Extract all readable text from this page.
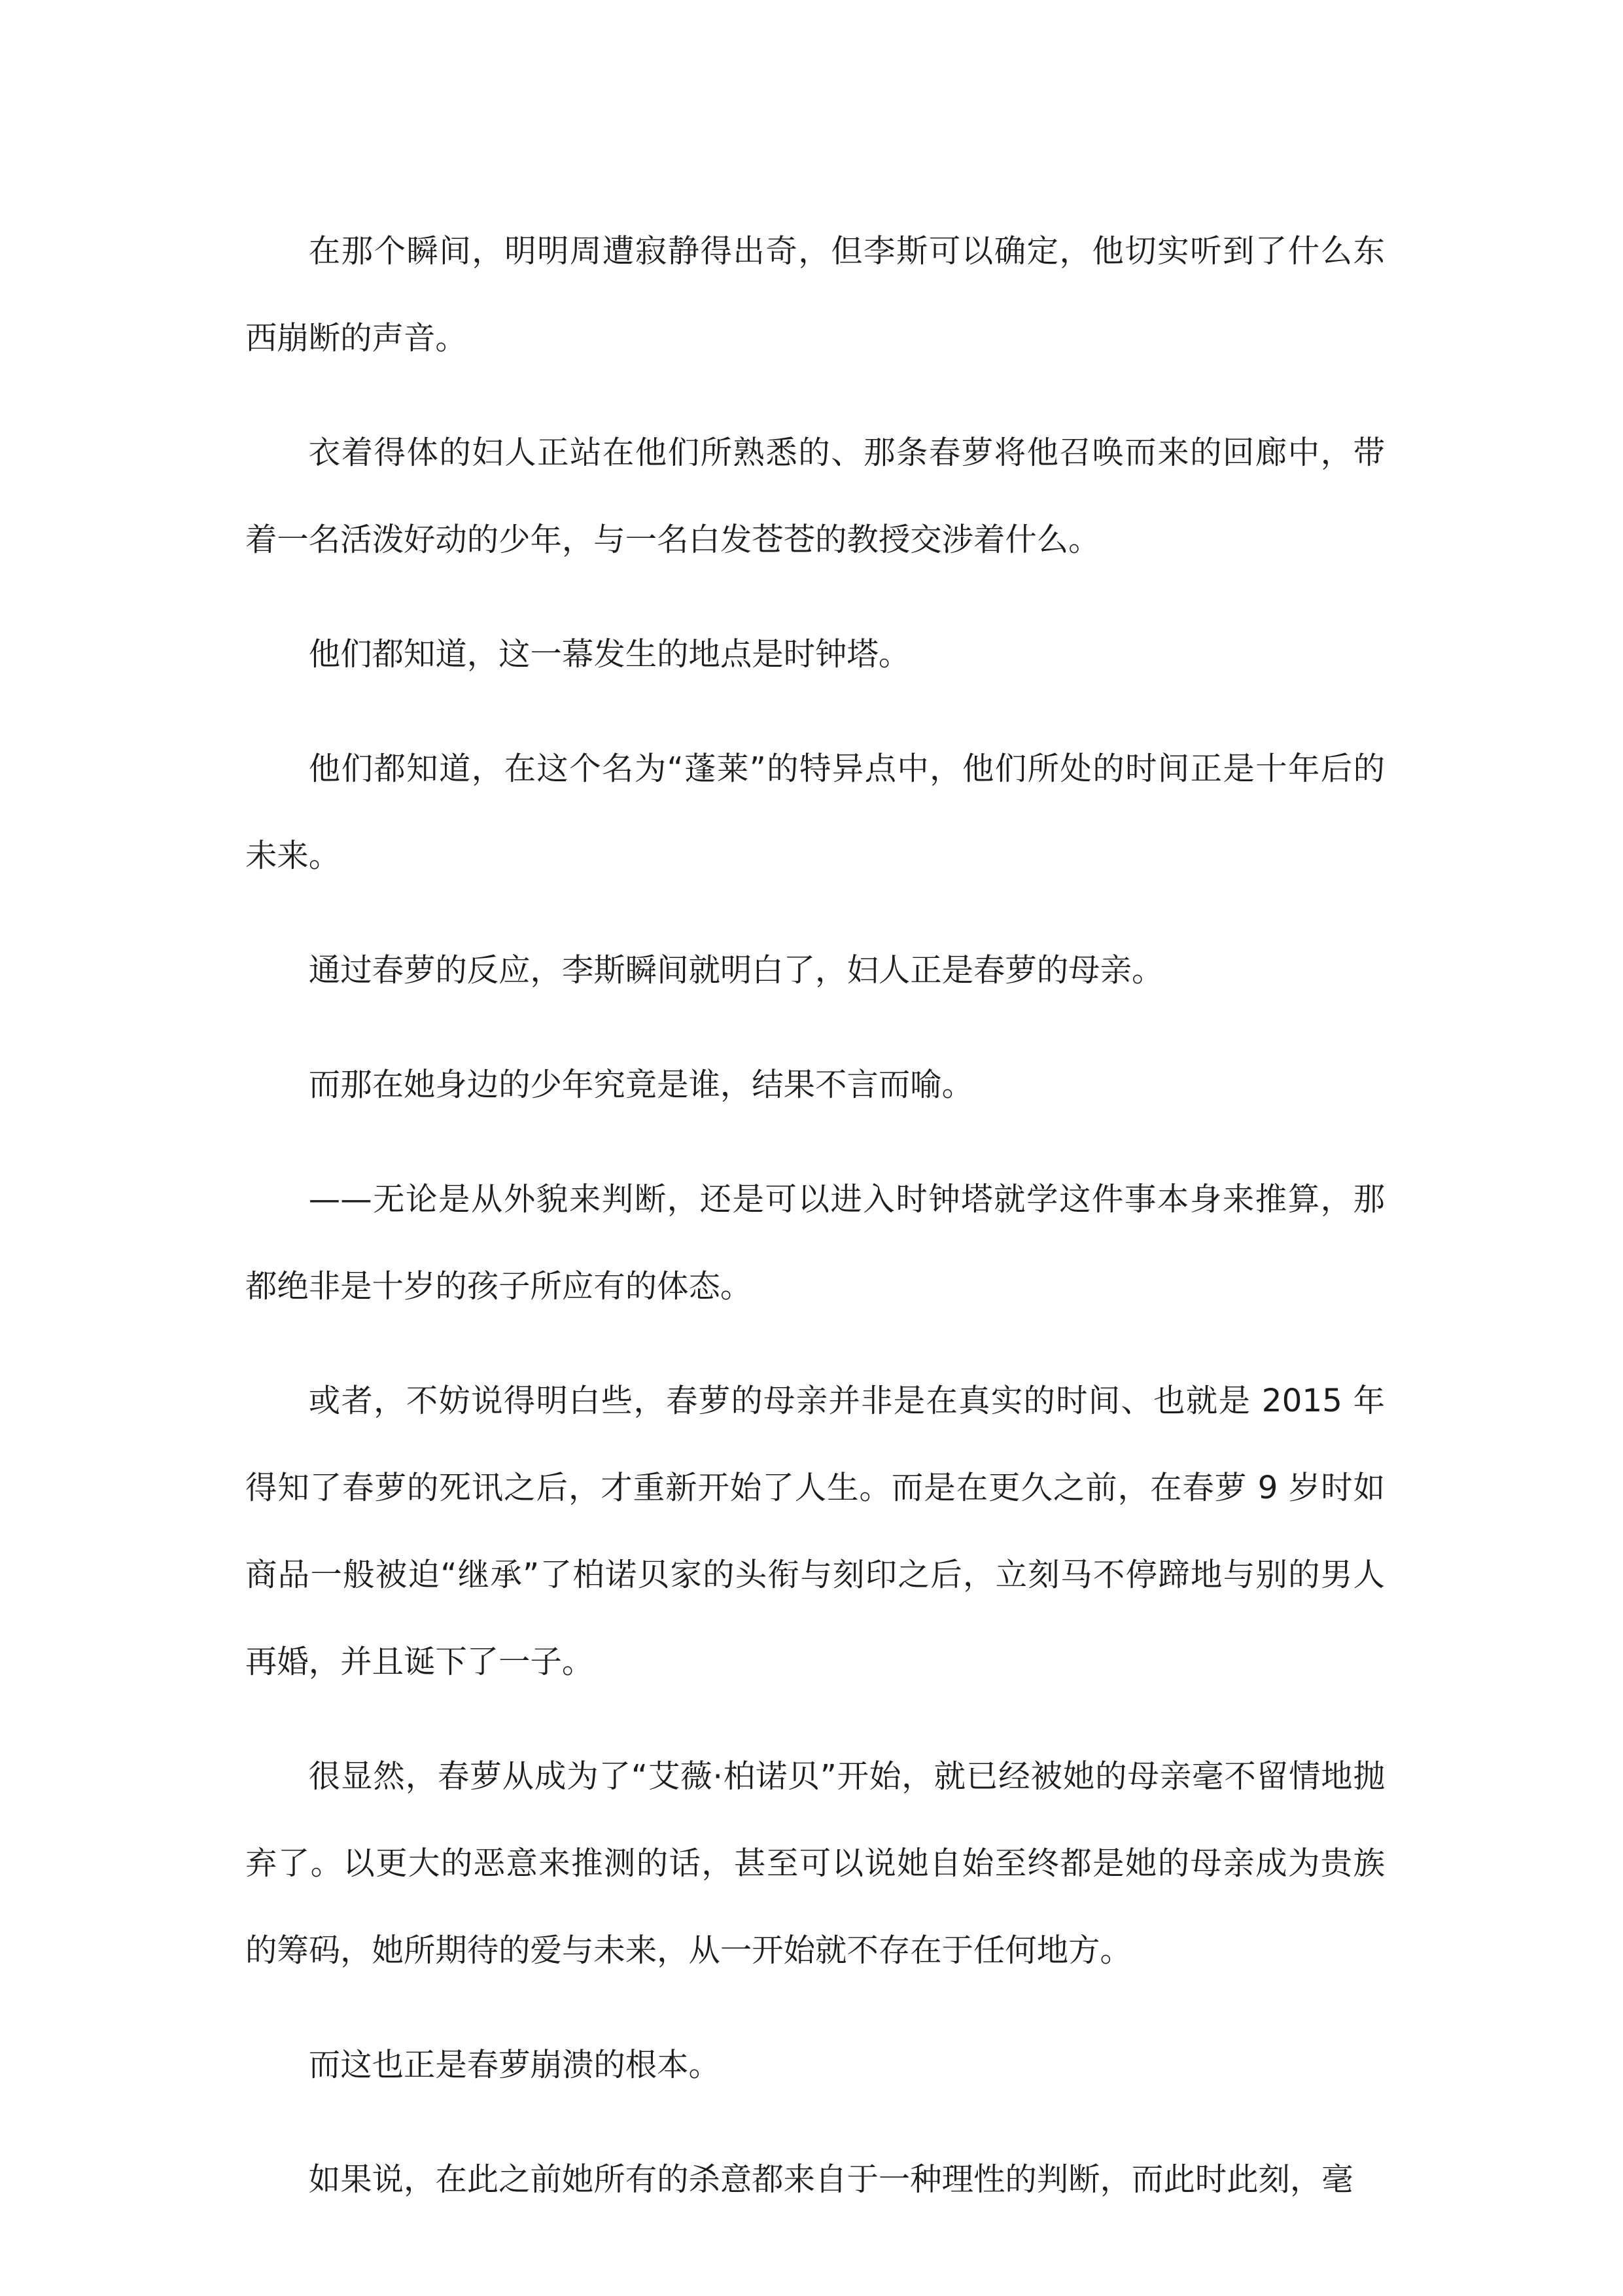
在那个瞬间，明明周遭寂静得出奇，但李斯可以确定，他切实听到了什么东西崩断的声音。

衣着得体的妇人正站在他们所熟悉的、那条春萝将他召唤而来的回廊中，带着一名活泼好动的少年，与一名白发苍苍的教授交涉着什么。

他们都知道，这一幕发生的地点是时钟塔。

他们都知道，在这个名为“蓬莱”的特异点中，他们所处的时间正是十年后的未来。

通过春萝的反应，李斯瞬间就明白了，妇人正是春萝的母亲。

而那在她身边的少年究竟是谁，结果不言而喻。

——无论是从外貌来判断，还是可以进入时钟塔就学这件事本身来推算，那都绝非是十岁的孩子所应有的体态。

或者，不妨说得明白些，春萝的母亲并非是在真实的时间、也就是 2015 年得知了春萝的死讯之后，才重新开始了人生。而是在更久之前，在春萝 9 岁时如商品一般被迫“继承”了柏诺贝家的头衔与刻印之后，立刻马不停蹄地与别的男人再婚，并且诞下了一子。

很显然，春萝从成为了“艾薇·柏诺贝”开始，就已经被她的母亲毫不留情地抛弃了。以更大的恶意来推测的话，甚至可以说她自始至终都是她的母亲成为贵族的筹码，她所期待的爱与未来，从一开始就不存在于任何地方。

而这也正是春萝崩溃的根本。

如果说，在此之前她所有的杀意都来自于一种理性的判断，而此时此刻，毫
